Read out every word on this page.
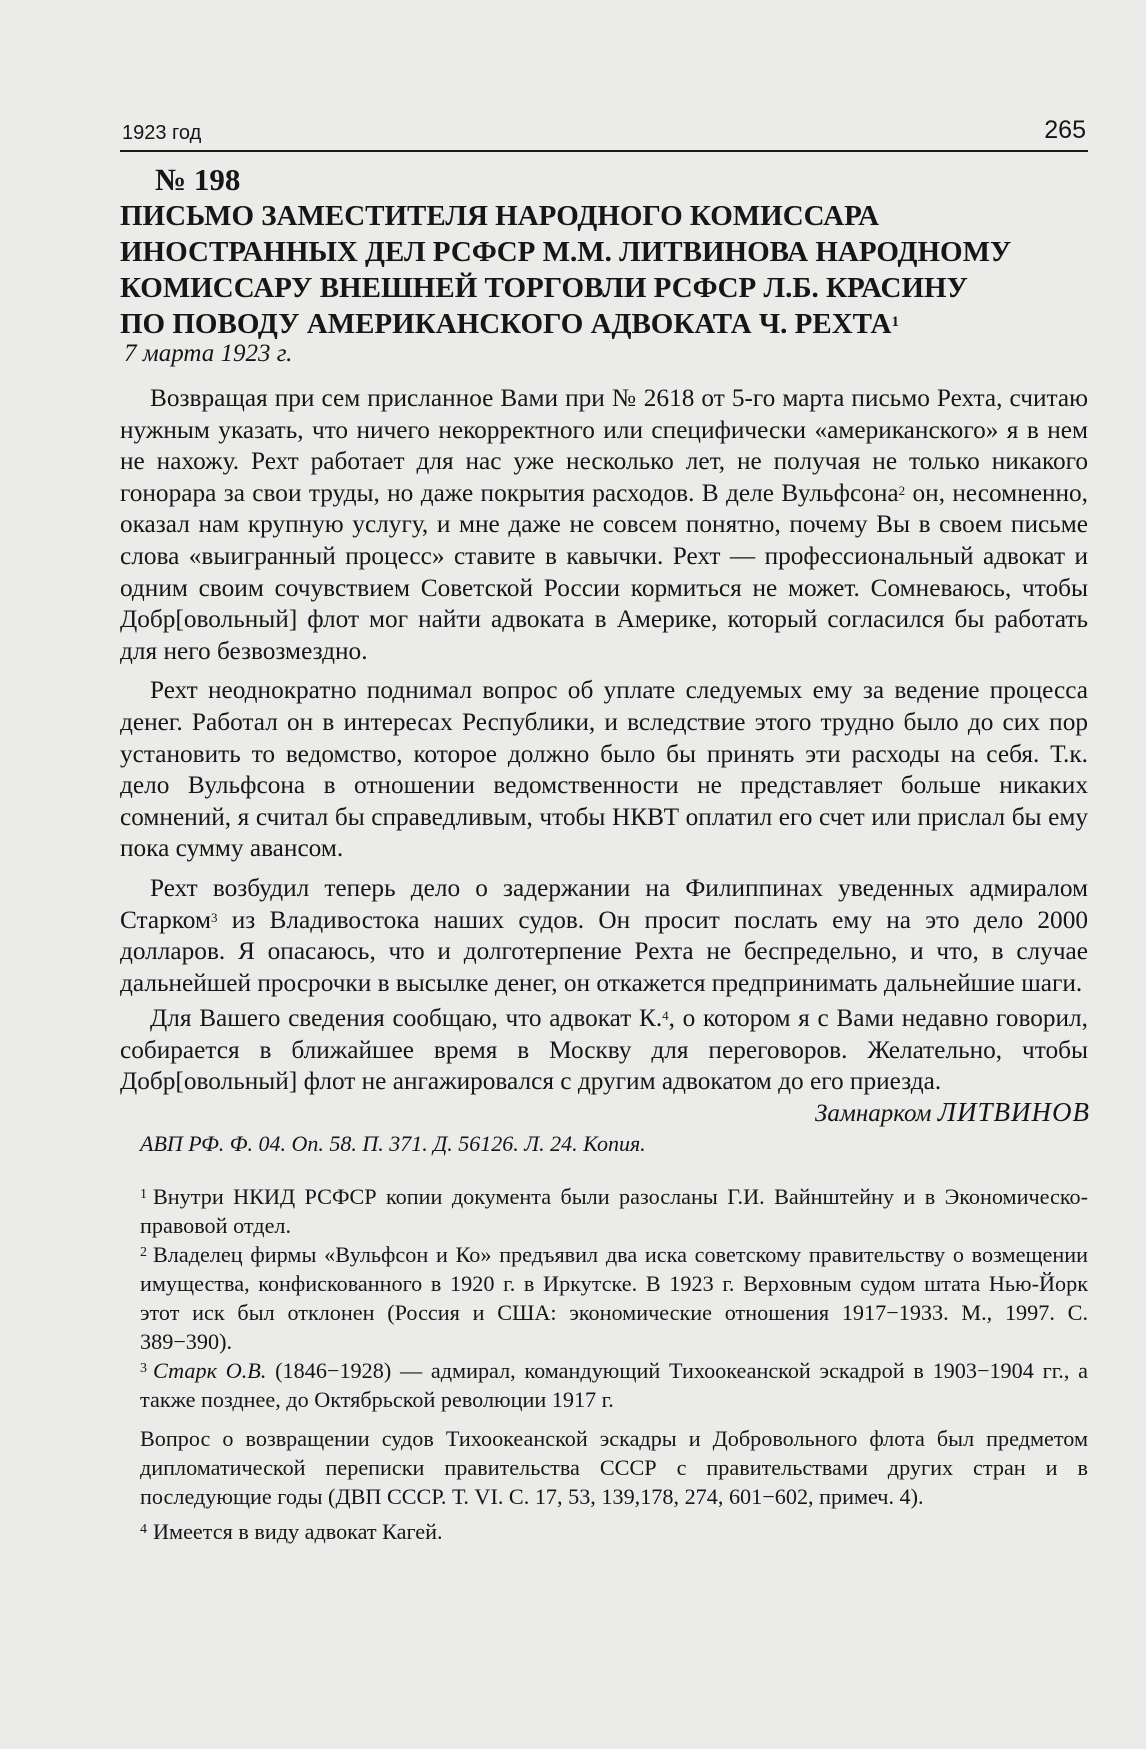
1923 год	265
№ 198
ПИСЬМО ЗАМЕСТИТЕЛЯ НАРОДНОГО КОМИССАРА
ИНОСТРАННЫХ ДЕЛ РСФСР М.М. ЛИТВИНОВА НАРОДНОМУ
КОМИССАРУ ВНЕШНЕЙ ТОРГОВЛИ РСФСР Л.Б. КРАСИНУ
ПО ПОВОДУ АМЕРИКАНСКОГО АДВОКАТА Ч. РЕХТА$^1$
7 марта 1923 г.

Возвращая при сем присланное Вами при № 2618 от 5-го марта письмо Рехта, считаю нужным указать, что ничего некорректного или специфически «американского» я в нем не нахожу. Рехт работает для нас уже несколько лет, не получая не только никакого гонорара за свои труды, но даже покрытия расходов. В деле Вульфсона$^2$ он, несомненно, оказал нам крупную услугу, и мне даже не совсем понятно, почему Вы в своем письме слова «выигранный процесс» ставите в кавычки. Рехт — профессиональный адвокат и одним своим сочувствием Советской России кормиться не может. Сомневаюсь, чтобы Добр[овольный] флот мог найти адвоката в Америке, который согласился бы работать для него безвозмездно.

Рехт неоднократно поднимал вопрос об уплате следуемых ему за ведение процесса денег. Работал он в интересах Республики, и вследствие этого трудно было до сих пор установить то ведомство, которое должно было бы принять эти расходы на себя. Т.к. дело Вульфсона в отношении ведомственности не представляет больше никаких сомнений, я считал бы справедливым, чтобы НКВТ оплатил его счет или прислал бы ему пока сумму авансом.

Рехт возбудил теперь дело о задержании на Филиппинах уведенных адмиралом Старком$^3$ из Владивостока наших судов. Он просит послать ему на это дело 2000 долларов. Я опасаюсь, что и долготерпение Рехта не беспредельно, и что, в случае дальнейшей просрочки в высылке денег, он откажется предпринимать дальнейшие шаги.

Для Вашего сведения сообщаю, что адвокат К.$^4$, о котором я с Вами недавно говорил, собирается в ближайшее время в Москву для переговоров. Желательно, чтобы Добр[овольный] флот не ангажировался с другим адвокатом до его приезда.

Замнарком ЛИТВИНОВ
АВП РФ. Ф. 04. Оп. 58. П. 371. Д. 56126. Л. 24. Копия.

$^1$ Внутри НКИД РСФСР копии документа были разосланы Г.И. Вайнштейну и в Экономическо-правовой отдел.

$^2$ Владелец фирмы «Вульфсон и Ко» предъявил два иска советскому правительству о возмещении имущества, конфискованного в 1920 г. в Иркутске. В 1923 г. Верховным судом штата Нью-Йорк этот иск был отклонен (Россия и США: экономические отношения 1917−1933. М., 1997. С. 389−390).

$^3$ Старк О.В. (1846−1928) — адмирал, командующий Тихоокеанской эскадрой в 1903−1904 гг., а также позднее, до Октябрьской революции 1917 г.

Вопрос о возвращении судов Тихоокеанской эскадры и Добровольного флота был предметом дипломатической переписки правительства СССР с правительствами других стран и в последующие годы (ДВП СССР. Т. VI. С. 17, 53, 139,178, 274, 601−602, примеч. 4).

$^4$ Имеется в виду адвокат Кагей.
